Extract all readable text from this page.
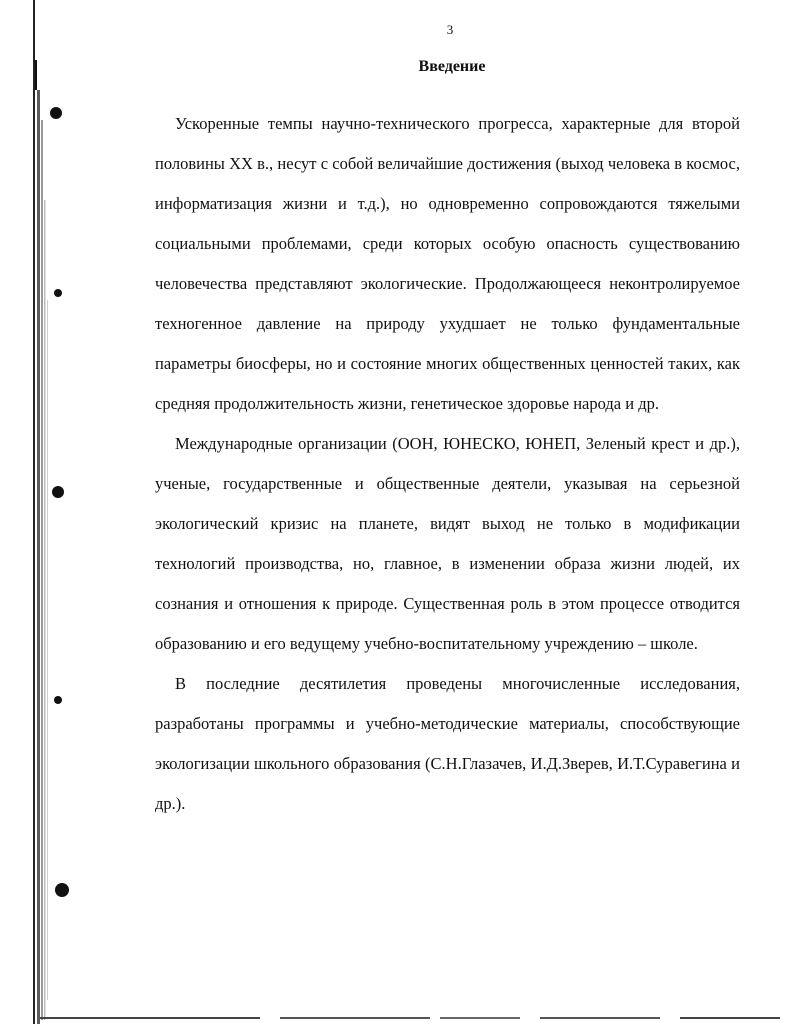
3
Введение

Ускоренные темпы научно-технического прогресса, характерные для второй половины XX в., несут с собой величайшие достижения (выход человека в космос, информатизация жизни и т.д.), но одновременно сопровождаются тяжелыми социальными проблемами, среди которых особую опасность существованию человечества представляют экологические. Продолжающееся неконтролируемое техногенное давление на природу ухудшает не только фундаментальные параметры биосферы, но и состояние многих общественных ценностей таких, как средняя продолжительность жизни, генетическое здоровье народа и др.

Международные организации (ООН, ЮНЕСКО, ЮНЕП, Зеленый крест и др.), ученые, государственные и общественные деятели, указывая на серьезной экологический кризис на планете, видят выход не только в модификации технологий производства, но, главное, в изменении образа жизни людей, их сознания и отношения к природе. Существенная роль в этом процессе отводится образованию и его ведущему учебно-воспитательному учреждению – школе.

В последние десятилетия проведены многочисленные исследования, разработаны программы и учебно-методические материалы, способствующие экологизации школьного образования (С.Н.Глазачев, И.Д.Зверев, И.Т.Суравегина и др.).
